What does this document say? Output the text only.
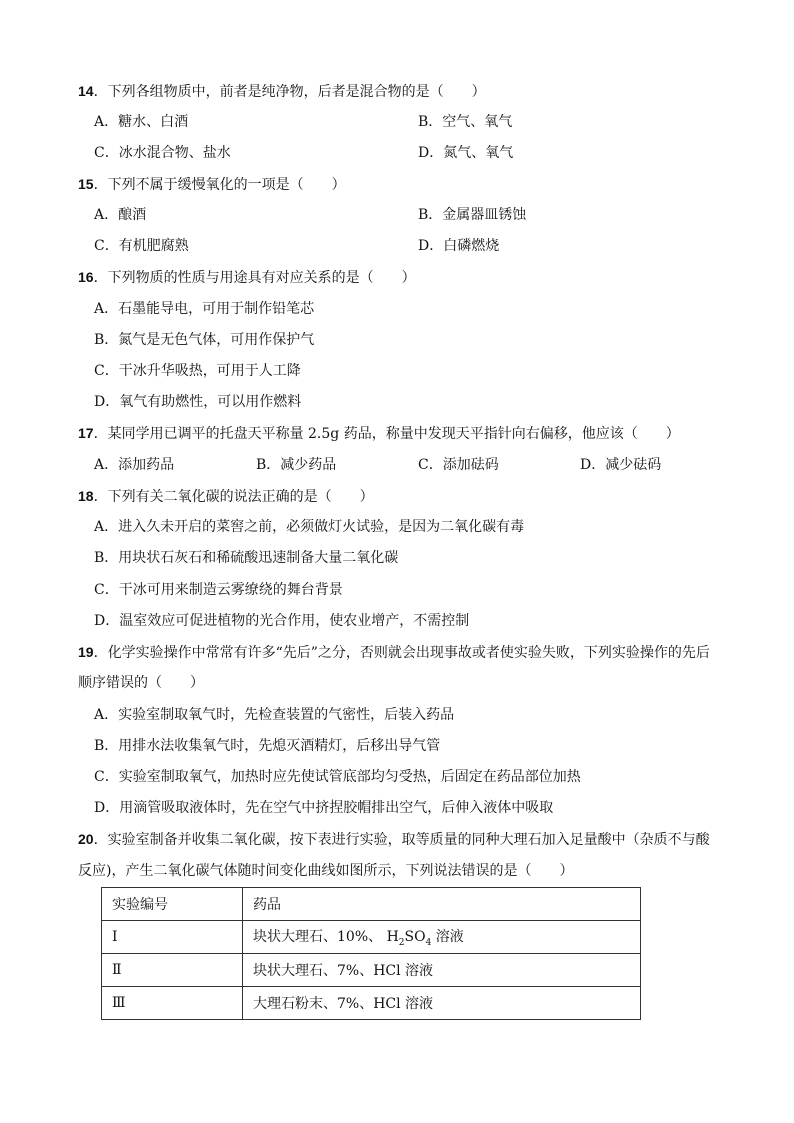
14．下列各组物质中，前者是纯净物，后者是混合物的是（　　）
A．糖水、白酒	B．空气、氧气
C．冰水混合物、盐水	D．氮气、氧气
15．下列不属于缓慢氧化的一项是（　　）
A．酿酒	B．金属器皿锈蚀
C．有机肥腐熟	D．白磷燃烧
16．下列物质的性质与用途具有对应关系的是（　　）
A．石墨能导电，可用于制作铅笔芯
B．氮气是无色气体，可用作保护气
C．干冰升华吸热，可用于人工降
D．氧气有助燃性，可以用作燃料
17．某同学用已调平的托盘天平称量 2.5g 药品，称量中发现天平指针向右偏移，他应该（　　）
A．添加药品	B．减少药品	C．添加砝码	D．减少砝码
18．下列有关二氧化碳的说法正确的是（　　）
A．进入久未开启的菜窖之前，必须做灯火试验，是因为二氧化碳有毒
B．用块状石灰石和稀硫酸迅速制备大量二氧化碳
C．干冰可用来制造云雾缭绕的舞台背景
D．温室效应可促进植物的光合作用，使农业增产，不需控制
19．化学实验操作中常常有许多“先后”之分，否则就会出现事故或者使实验失败，下列实验操作的先后
顺序错误的（　　）
A．实验室制取氧气时，先检查装置的气密性，后装入药品
B．用排水法收集氧气时，先熄灭酒精灯，后移出导气管
C．实验室制取氧气，加热时应先使试管底部均匀受热，后固定在药品部位加热
D．用滴管吸取液体时，先在空气中挤捏胶帽排出空气，后伸入液体中吸取
20．实验室制备并收集二氧化碳，按下表进行实验，取等质量的同种大理石加入足量酸中（杂质不与酸
反应)，产生二氧化碳气体随时间变化曲线如图所示，下列说法错误的是（　　）
实验编号	药品
Ⅰ	块状大理石、10%、 $H_2SO_4$ 溶液
Ⅱ	块状大理石、7%、HCl 溶液
Ⅲ	大理石粉末、7%、HCl 溶液
